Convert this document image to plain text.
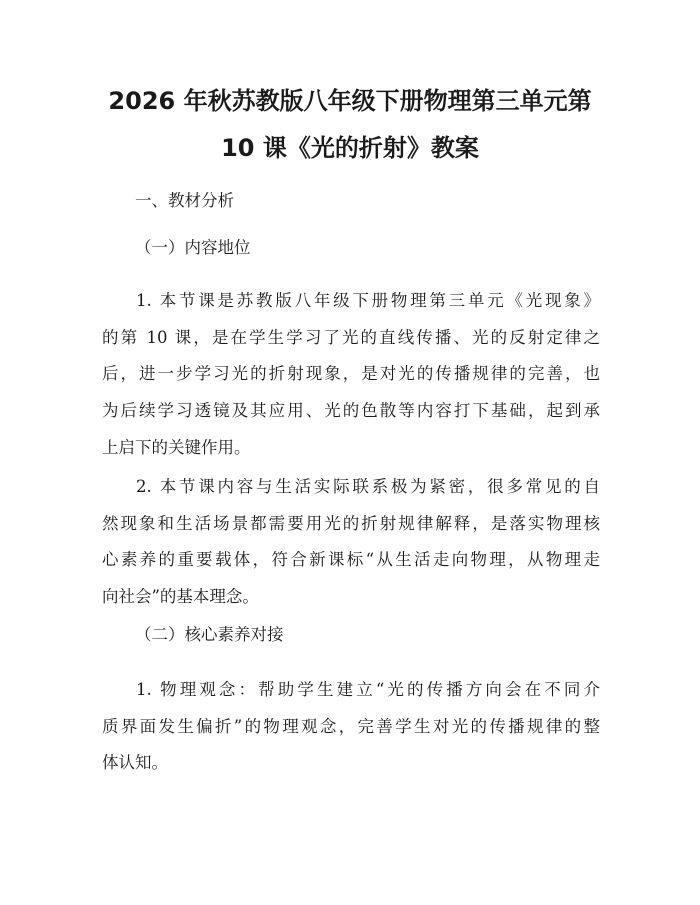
2026 年秋苏教版八年级下册物理第三单元第
10 课《光的折射》教案

一、教材分析

（一）内容地位

1. 本节课是苏教版八年级下册物理第三单元《光现象》
的第 10 课，是在学生学习了光的直线传播、光的反射定律之
后，进一步学习光的折射现象，是对光的传播规律的完善，也
为后续学习透镜及其应用、光的色散等内容打下基础，起到承
上启下的关键作用。

2. 本节课内容与生活实际联系极为紧密，很多常见的自
然现象和生活场景都需要用光的折射规律解释，是落实物理核
心素养的重要载体，符合新课标“从生活走向物理，从物理走
向社会”的基本理念。

（二）核心素养对接

1. 物理观念：帮助学生建立“光的传播方向会在不同介
质界面发生偏折”的物理观念，完善学生对光的传播规律的整
体认知。
